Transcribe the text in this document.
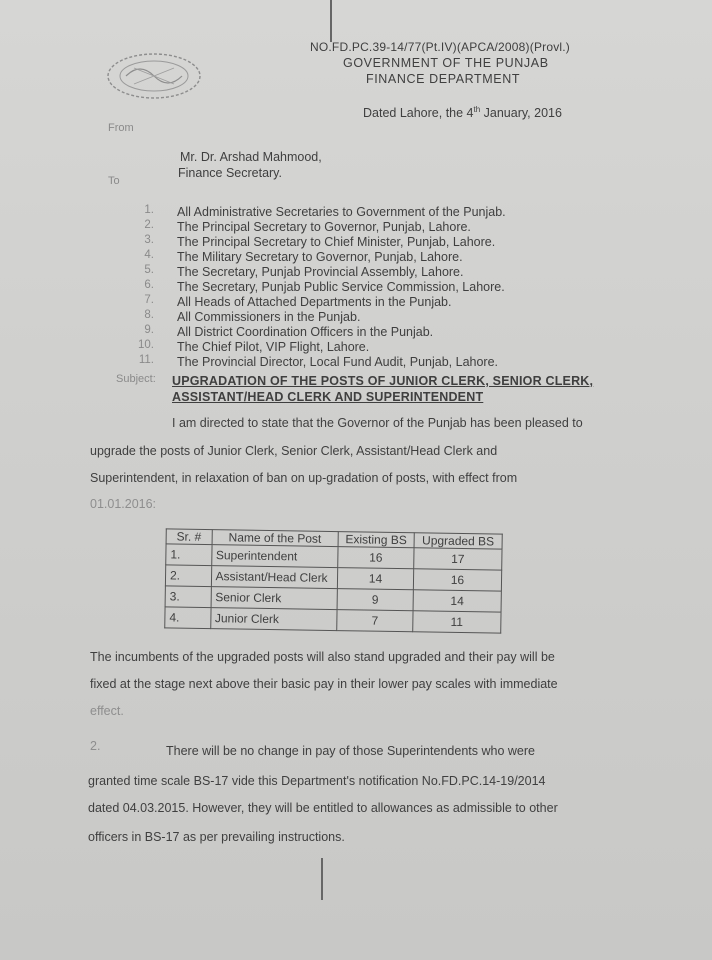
NO.FD.PC.39-14/77(Pt.IV)(APCA/2008)(Provl.)
GOVERNMENT OF THE PUNJAB
FINANCE DEPARTMENT
Dated Lahore, the 4th January, 2016
From
Mr. Dr. Arshad Mahmood,
Finance Secretary.
To
1. All Administrative Secretaries to Government of the Punjab.
2. The Principal Secretary to Governor, Punjab, Lahore.
3. The Principal Secretary to Chief Minister, Punjab, Lahore.
4. The Military Secretary to Governor, Punjab, Lahore.
5. The Secretary, Punjab Provincial Assembly, Lahore.
6. The Secretary, Punjab Public Service Commission, Lahore.
7. All Heads of Attached Departments in the Punjab.
8. All Commissioners in the Punjab.
9. All District Coordination Officers in the Punjab.
10. The Chief Pilot, VIP Flight, Lahore.
11. The Provincial Director, Local Fund Audit, Punjab, Lahore.
Subject: UPGRADATION OF THE POSTS OF JUNIOR CLERK, SENIOR CLERK,
ASSISTANT/HEAD CLERK AND SUPERINTENDENT
I am directed to state that the Governor of the Punjab has been pleased to
upgrade the posts of Junior Clerk, Senior Clerk, Assistant/Head Clerk and
Superintendent, in relaxation of ban on up-gradation of posts, with effect from
01.01.2016:
Sr. #	Name of the Post	Existing BS	Upgraded BS
1.	Superintendent	16	17
2.	Assistant/Head Clerk	14	16
3.	Senior Clerk	9	14
4.	Junior Clerk	7	11
The incumbents of the upgraded posts will also stand upgraded and their pay will be
fixed at the stage next above their basic pay in their lower pay scales with immediate
effect.
2.	There will be no change in pay of those Superintendents who were
granted time scale BS-17 vide this Department's notification No.FD.PC.14-19/2014
dated 04.03.2015. However, they will be entitled to allowances as admissible to other
officers in BS-17 as per prevailing instructions.
